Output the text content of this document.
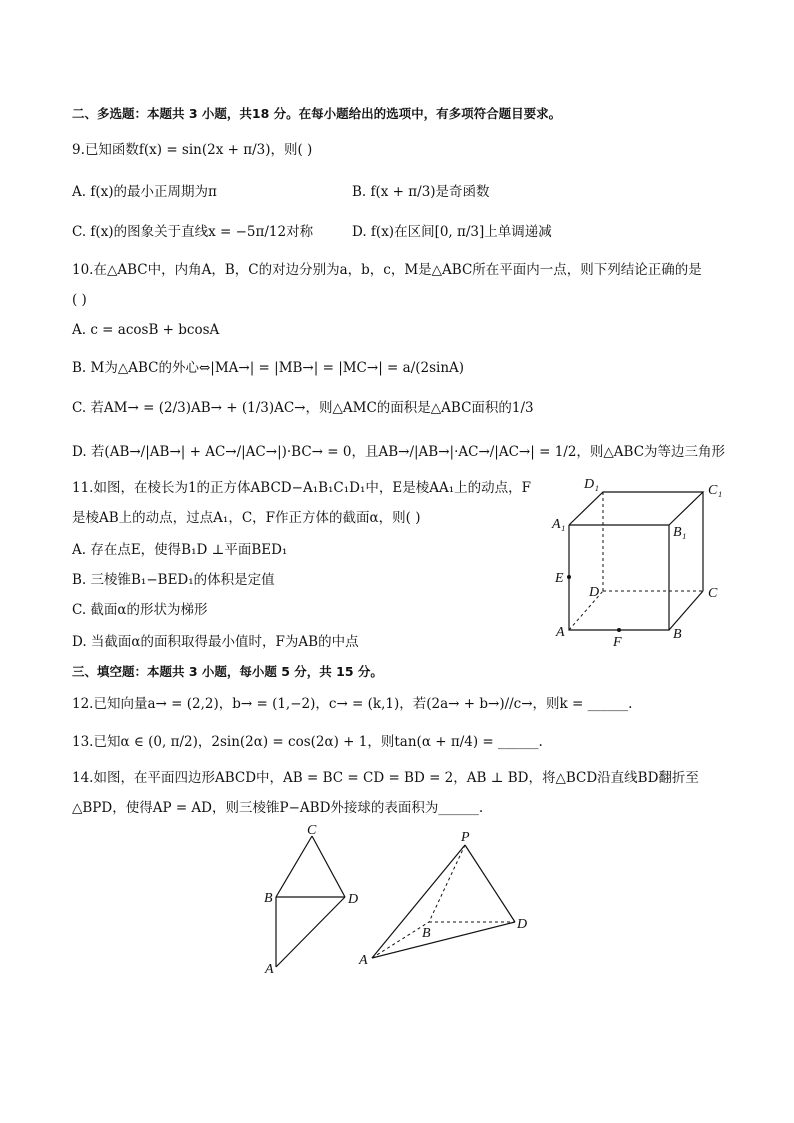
二、多选题：本题共 3 小题，共18 分。在每小题给出的选项中，有多项符合题目要求。
9.已知函数f(x) = sin(2x + π/3)，则( )
A. f(x)的最小正周期为π	B. f(x + π/3)是奇函数
C. f(x)的图象关于直线x = −5π/12对称	D. f(x)在区间[0, π/3]上单调递减
10.在△ABC中，内角A，B，C的对边分别为a，b，c，M是△ABC所在平面内一点，则下列结论正确的是
( )
A. c = acosB + bcosA
B. M为△ABC的外心⇔|MA→| = |MB→| = |MC→| = a/(2sinA)
C. 若AM→ = (2/3)AB→ + (1/3)AC→，则△AMC的面积是△ABC面积的1/3
D. 若(AB→/|AB→| + AC→/|AC→|)·BC→ = 0，且AB→/|AB→|·AC→/|AC→| = 1/2，则△ABC为等边三角形
11.如图，在棱长为1的正方体ABCD−A₁B₁C₁D₁中，E是棱AA₁上的动点，F
是棱AB上的动点，过点A₁，C，F作正方体的截面α，则( )
A. 存在点E，使得B₁D ⊥平面BED₁
B. 三棱锥B₁−BED₁的体积是定值
C. 截面α的形状为梯形
D. 当截面α的面积取得最小值时，F为AB的中点
D₁	C₁
A₁
B₁
E
D	C
A
F
B
三、填空题：本题共 3 小题，每小题 5 分，共 15 分。
12.已知向量a→ = (2,2)，b→ = (1,−2)，c→ = (k,1)，若(2a→ + b→)//c→，则k = ______.
13.已知α ∈ (0, π/2)，2sin(2α) = cos(2α) + 1，则tan(α + π/4) = ______.
14.如图，在平面四边形ABCD中，AB = BC = CD = BD = 2，AB ⊥ BD，将△BCD沿直线BD翻折至
△BPD，使得AP = AD，则三棱锥P−ABD外接球的表面积为______.
C
B	D
A
P
B
D
A
